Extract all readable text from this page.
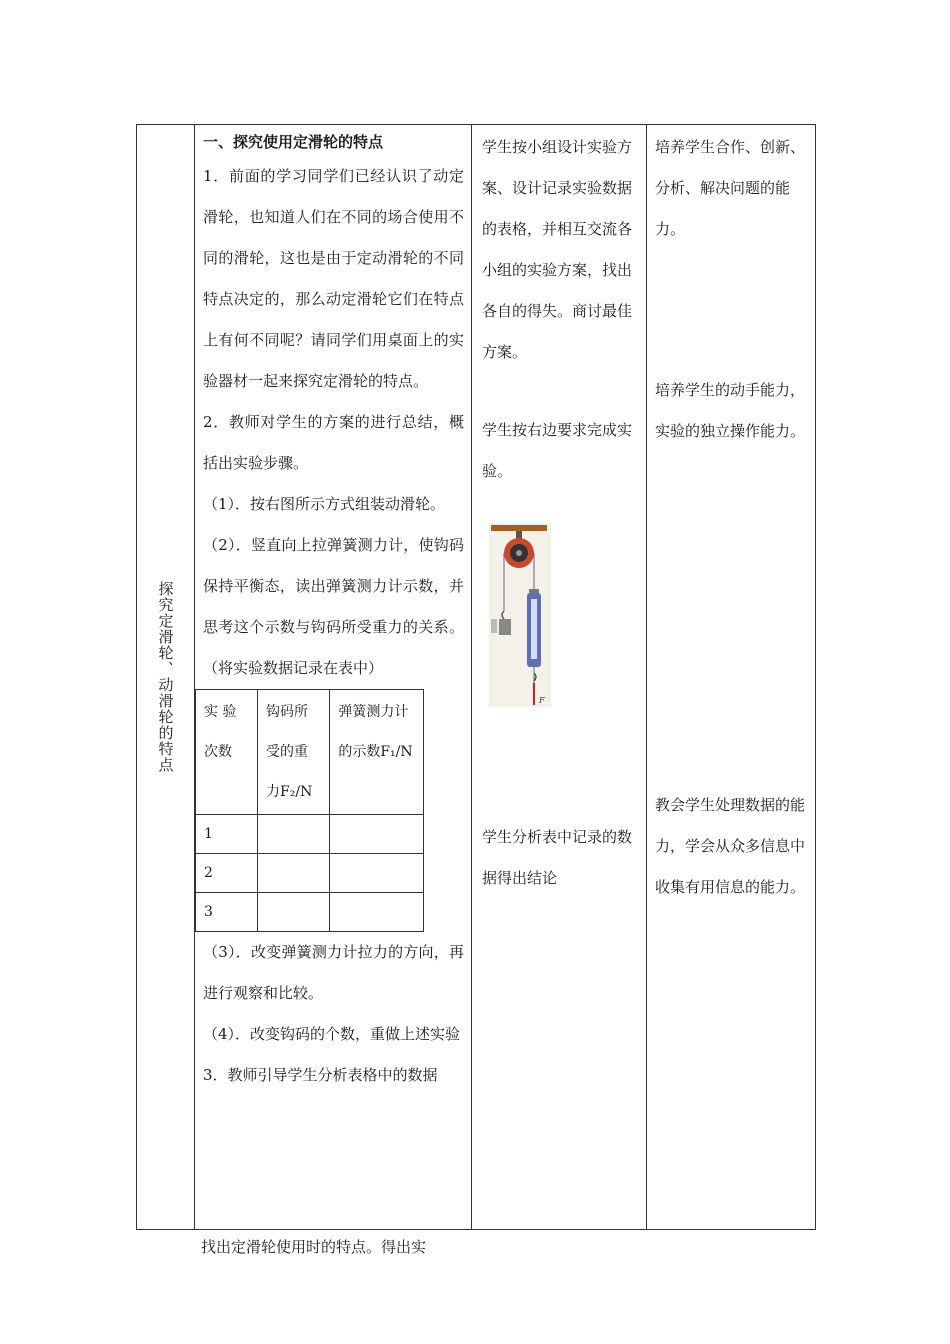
探究定滑轮、动滑轮的特点

一、探究使用定滑轮的特点

1．前面的学习同学们已经认识了动定滑轮，也知道人们在不同的场合使用不同的滑轮，这也是由于定动滑轮的不同特点决定的，那么动定滑轮它们在特点上有何不同呢？请同学们用桌面上的实验器材一起来探究定滑轮的特点。

2．教师对学生的方案的进行总结，概括出实验步骤。

（1）．按右图所示方式组装动滑轮。

（2）．竖直向上拉弹簧测力计，使钩码保持平衡态，读出弹簧测力计示数，并思考这个示数与钩码所受重力的关系。（将实验数据记录在表中）

实 验次数	钩码所受的重力F₂/N	弹簧测力计的示数F₁/N
1		
2		
3		

（3）．改变弹簧测力计拉力的方向，再进行观察和比较。

（4）．改变钩码的个数，重做上述实验

3．教师引导学生分析表格中的数据

学生按小组设计实验方案、设计记录实验数据的表格，并相互交流各小组的实验方案，找出各自的得失。商讨最佳方案。
学生按右边要求完成实验。
F
学生分析表中记录的数据得出结论

培养学生合作、创新、分析、解决问题的能力。
培养学生的动手能力，实验的独立操作能力。
教会学生处理数据的能力，学会从众多信息中收集有用信息的能力。
找出定滑轮使用时的特点。得出实
